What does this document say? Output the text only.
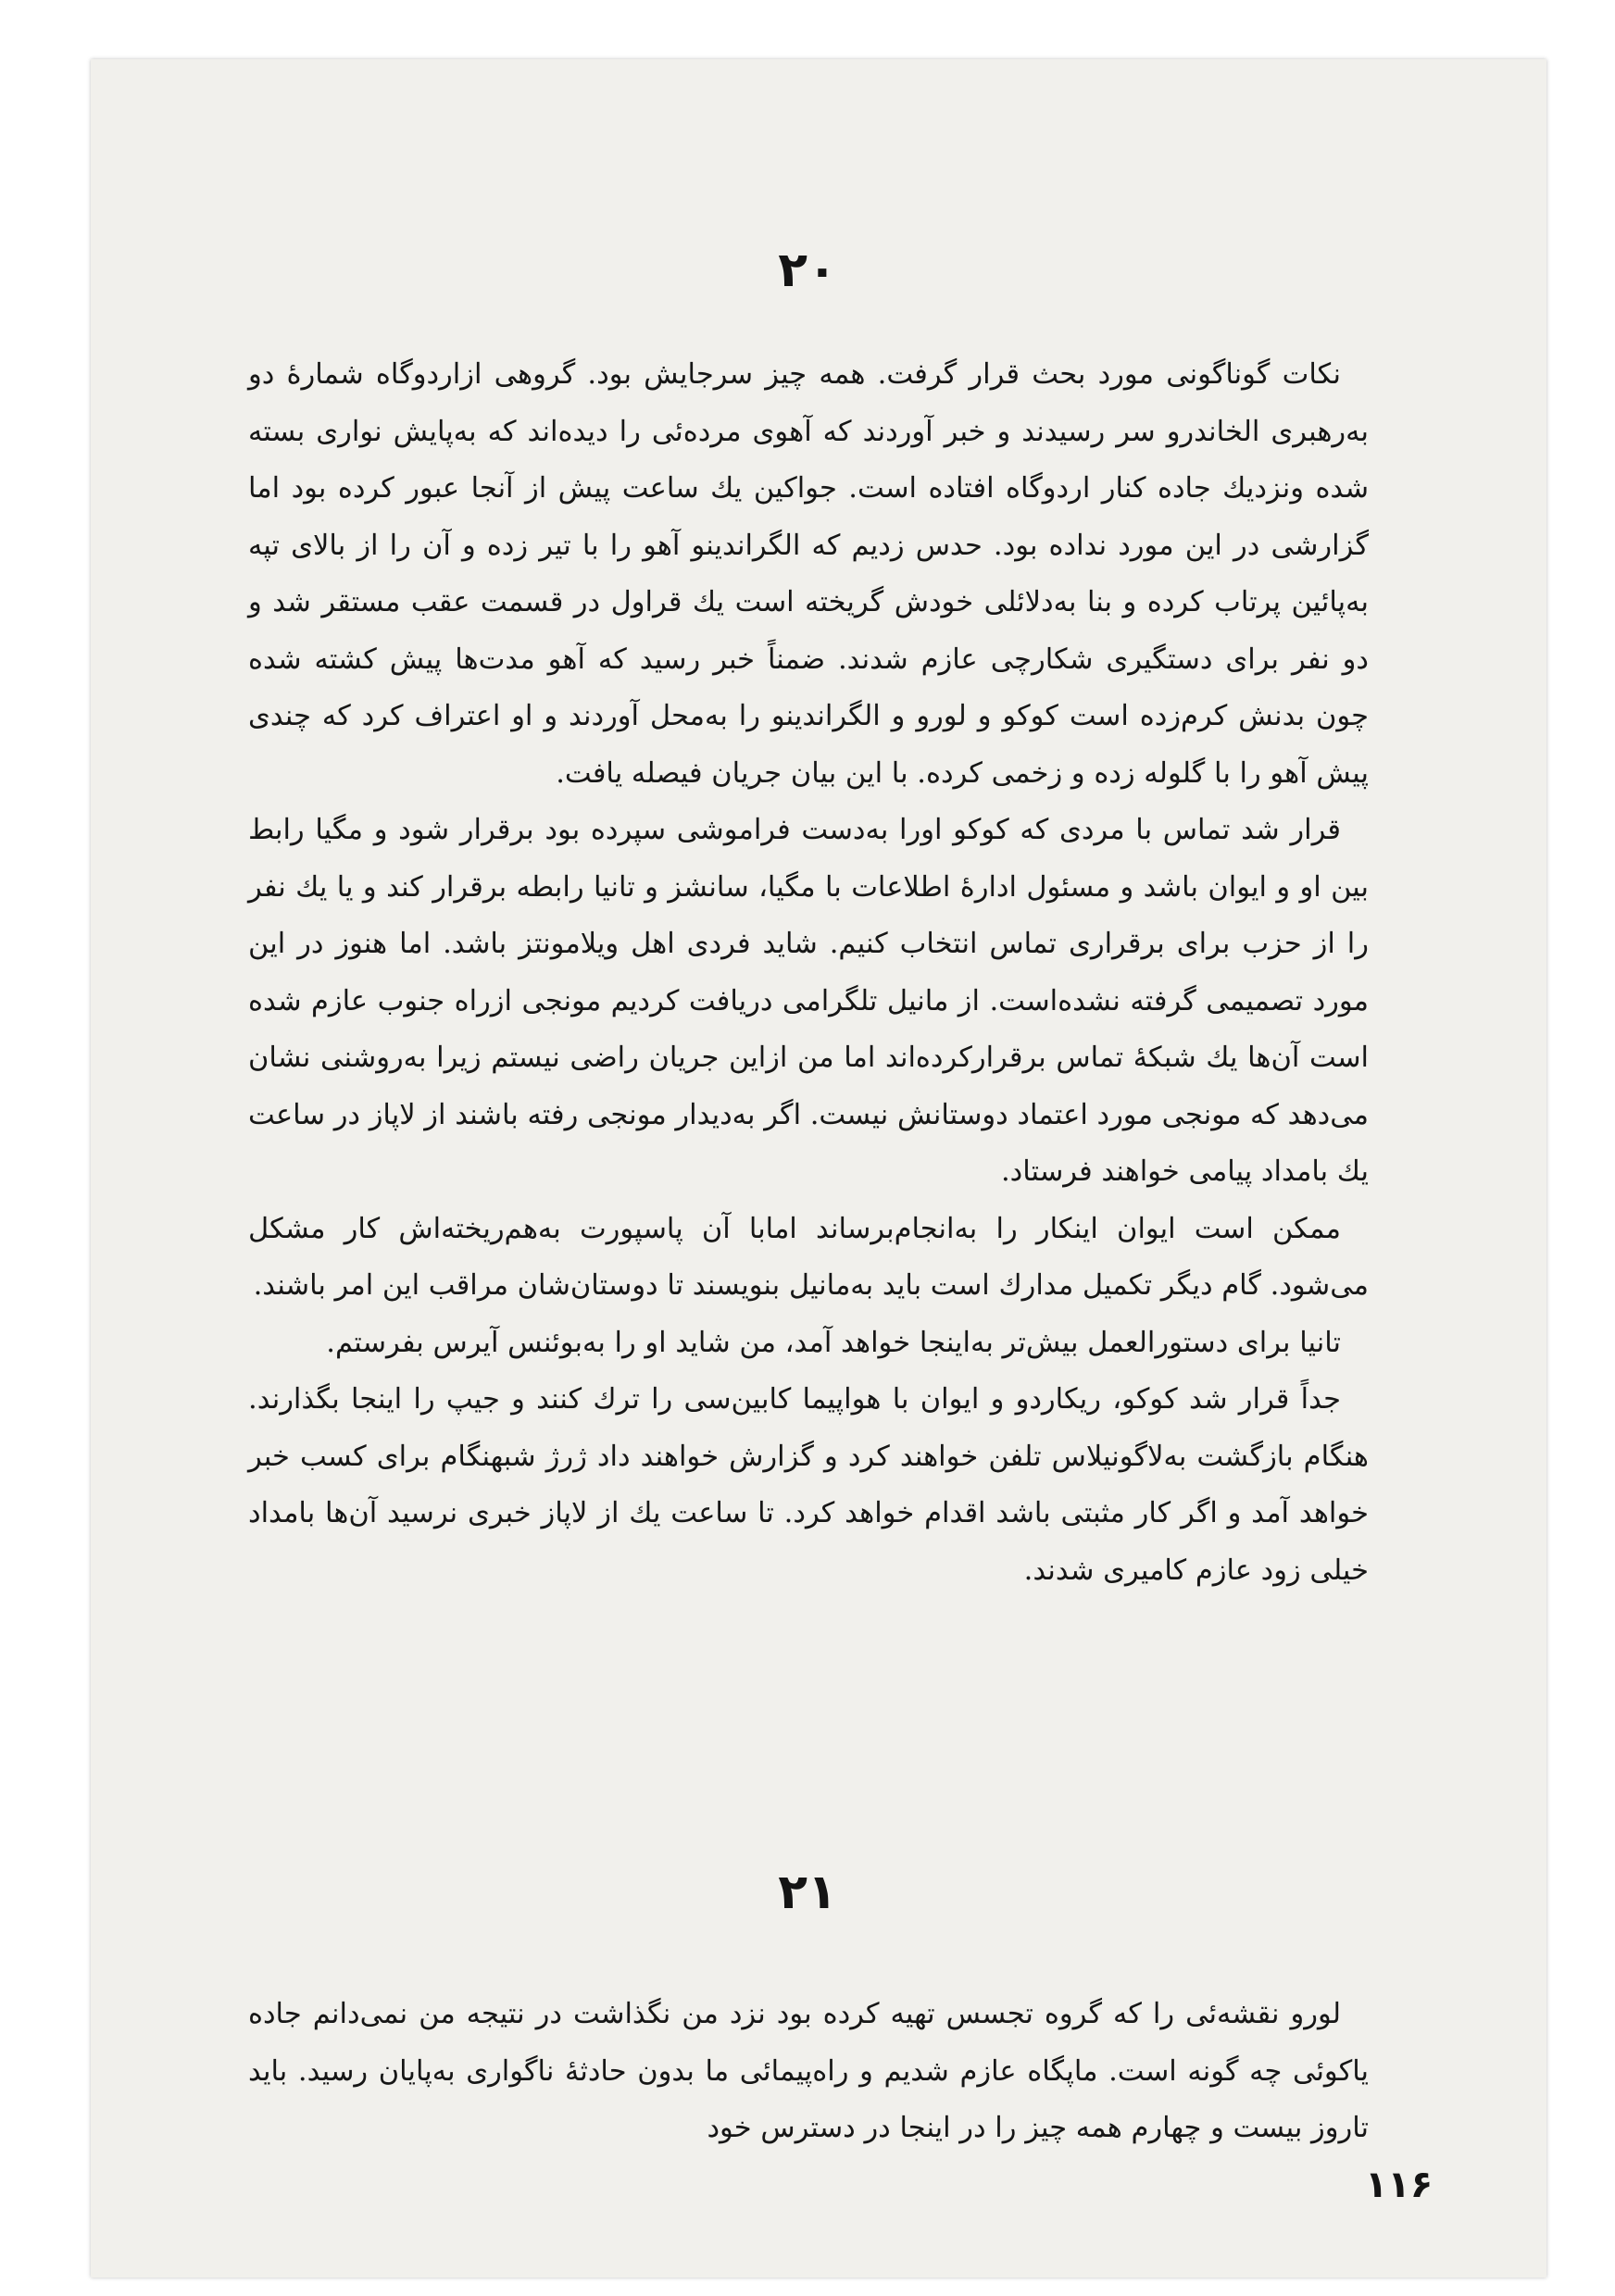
۲۰

نکات گوناگونی مورد بحث قرار گرفت. همه چیز سرجایش بود. گروهی ازاردوگاه شمارهٔ دو به‌رهبری الخاندرو سر رسیدند و خبر آوردند که آهوی مرده‌ئی را دیده‌اند که به‌پایش نواری بسته شده ونزدیك جاده کنار اردوگاه افتاده است. جواکین یك ساعت پیش از آنجا عبور کرده بود اما گزارشی در این مورد نداده بود. حدس زدیم که الگراندینو آهو را با تیر زده و آن را از بالای تپه به‌پائین پرتاب کرده و بنا به‌دلائلی خودش گریخته است یك قراول در قسمت عقب مستقر شد و دو نفر برای دستگیری شکارچی عازم شدند. ضمناً خبر رسید که آهو مدت‌ها پیش کشته شده چون بدنش کرم‌زده است کوکو و لورو و الگراندینو را به‌محل آوردند و او اعتراف کرد که چندی پیش آهو را با گلوله زده و زخمی کرده. با این بیان جریان فیصله یافت.

قرار شد تماس با مردی که کوکو اورا به‌دست فراموشی سپرده بود برقرار شود و مگیا رابط بین او و ایوان باشد و مسئول ادارهٔ اطلاعات با مگیا، سانشز و تانیا رابطه برقرار کند و یا یك نفر را از حزب برای برقراری تماس انتخاب کنیم. شاید فردی اهل ویلامونتز باشد. اما هنوز در این مورد تصمیمی گرفته نشده‌است. از مانیل تلگرامی دریافت کردیم مونجی ازراه جنوب عازم شده است آن‌ها یك شبکهٔ تماس برقرارکرده‌اند اما من ازاین جریان راضی نیستم زیرا به‌روشنی نشان می‌دهد که مونجی مورد اعتماد دوستانش نیست. اگر به‌دیدار مونجی رفته باشند از لاپاز در ساعت یك بامداد پیامی خواهند فرستاد.

ممکن است ایوان اینکار را به‌انجام‌برساند امابا آن پاسپورت به‌هم‌ریخته‌اش کار مشکل می‌شود. گام دیگر تکمیل مدارك است باید به‌مانیل بنویسند تا دوستان‌شان مراقب این امر باشند.

تانیا برای دستورالعمل بیش‌تر به‌اینجا خواهد آمد، من شاید او را به‌بوئنس آیرس بفرستم.

جداً قرار شد کوکو، ریکاردو و ایوان با هواپیما کابین‌سی را ترك کنند و جیپ را اینجا بگذارند. هنگام بازگشت به‌لاگونیلاس تلفن خواهند کرد و گزارش خواهند داد ژرژ شبهنگام برای کسب خبر خواهد آمد و اگر کار مثبتی باشد اقدام خواهد کرد. تا ساعت یك از لاپاز خبری نرسید آن‌ها بامداد خیلی زود عازم کامیری شدند.

۲۱

لورو نقشه‌ئی را که گروه تجسس تهیه کرده بود نزد من نگذاشت در نتیجه من نمی‌دانم جاده یاکوئی چه گونه است. ماپگاه عازم شدیم و راه‌پیمائی ما بدون حادثهٔ ناگواری به‌پایان رسید. باید تاروز بیست و چهارم همه چیز را در اینجا در دسترس خود

۱۱۶
